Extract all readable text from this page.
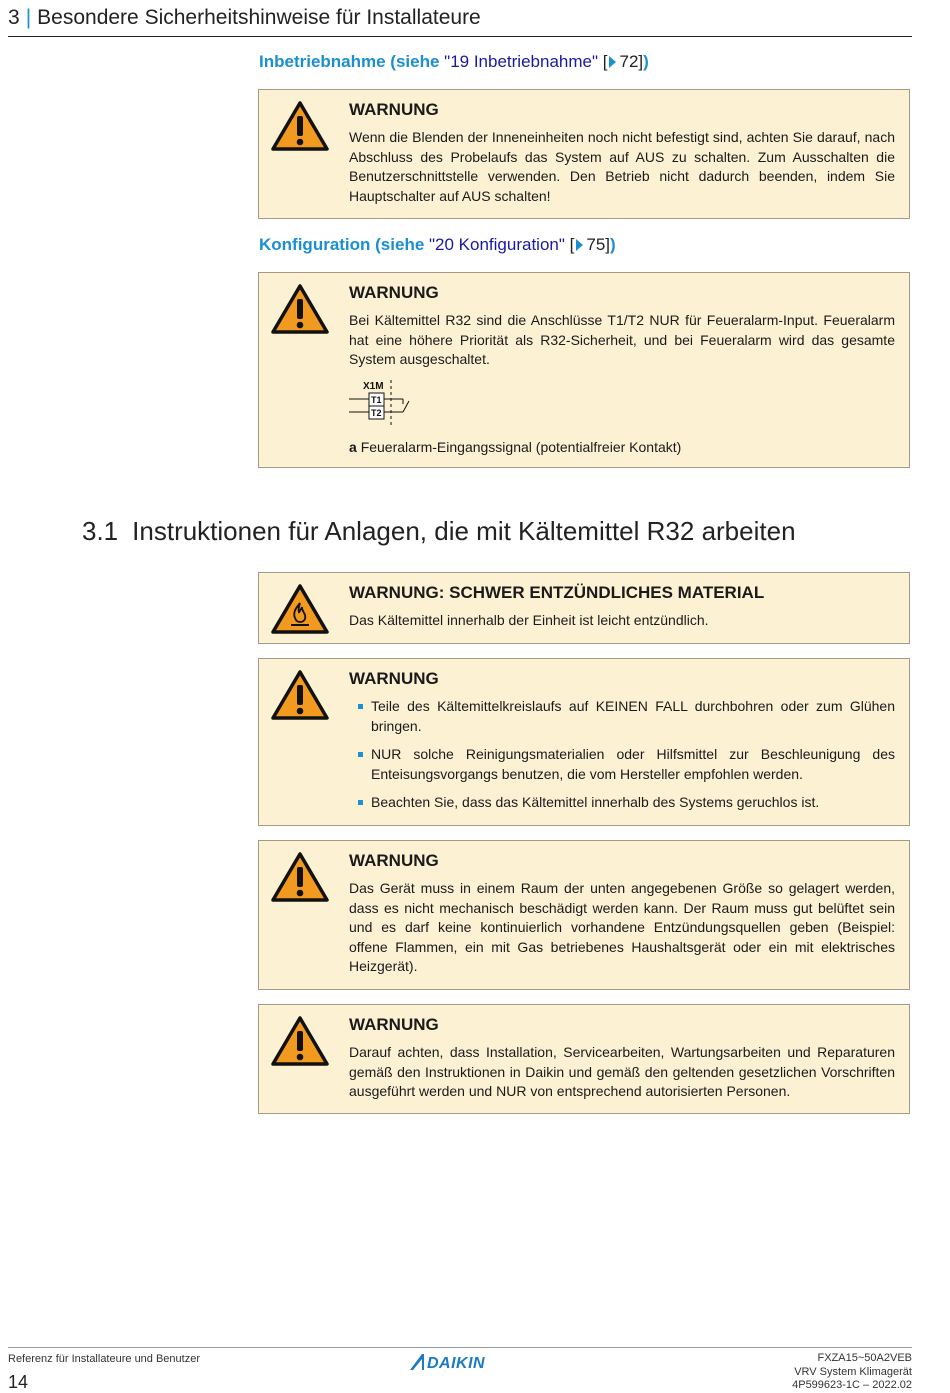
3 | Besondere Sicherheitshinweise für Installateure
Inbetriebnahme (siehe "19 Inbetriebnahme" [ 72])
WARNUNG

Wenn die Blenden der Inneneinheiten noch nicht befestigt sind, achten Sie darauf, nach Abschluss des Probelaufs das System auf AUS zu schalten. Zum Ausschalten die Benutzerschnittstelle verwenden. Den Betrieb nicht dadurch beenden, indem Sie Hauptschalter auf AUS schalten!

Konfiguration (siehe "20 Konfiguration" [ 75])
WARNUNG

Bei Kältemittel R32 sind die Anschlüsse T1/T2 NUR für Feueralarm-Input. Feueralarm hat eine höhere Priorität als R32-Sicherheit, und bei Feueralarm wird das gesamte System ausgeschaltet.

X1M
T1
T2

a Feueralarm-Eingangssignal (potentialfreier Kontakt)

3.1 Instruktionen für Anlagen, die mit Kältemittel R32 arbeiten
WARNUNG: SCHWER ENTZÜNDLICHES MATERIAL

Das Kältemittel innerhalb der Einheit ist leicht entzündlich.

WARNUNG
Teile des Kältemittelkreislaufs auf KEINEN FALL durchbohren oder zum Glühen bringen.
NUR solche Reinigungsmaterialien oder Hilfsmittel zur Beschleunigung des Enteisungsvorgangs benutzen, die vom Hersteller empfohlen werden.
Beachten Sie, dass das Kältemittel innerhalb des Systems geruchlos ist.
WARNUNG

Das Gerät muss in einem Raum der unten angegebenen Größe so gelagert werden, dass es nicht mechanisch beschädigt werden kann. Der Raum muss gut belüftet sein und es darf keine kontinuierlich vorhandene Entzündungsquellen geben (Beispiel: offene Flammen, ein mit Gas betriebenes Haushaltsgerät oder ein mit elektrisches Heizgerät).

WARNUNG

Darauf achten, dass Installation, Servicearbeiten, Wartungsarbeiten und Reparaturen gemäß den Instruktionen in Daikin und gemäß den geltenden gesetzlichen Vorschriften ausgeführt werden und NUR von entsprechend autorisierten Personen.

Referenz für Installateure und Benutzer
14
DAIKIN	FXZA15~50A2VEB
VRV System Klimagerät
4P599623-1C – 2022.02
